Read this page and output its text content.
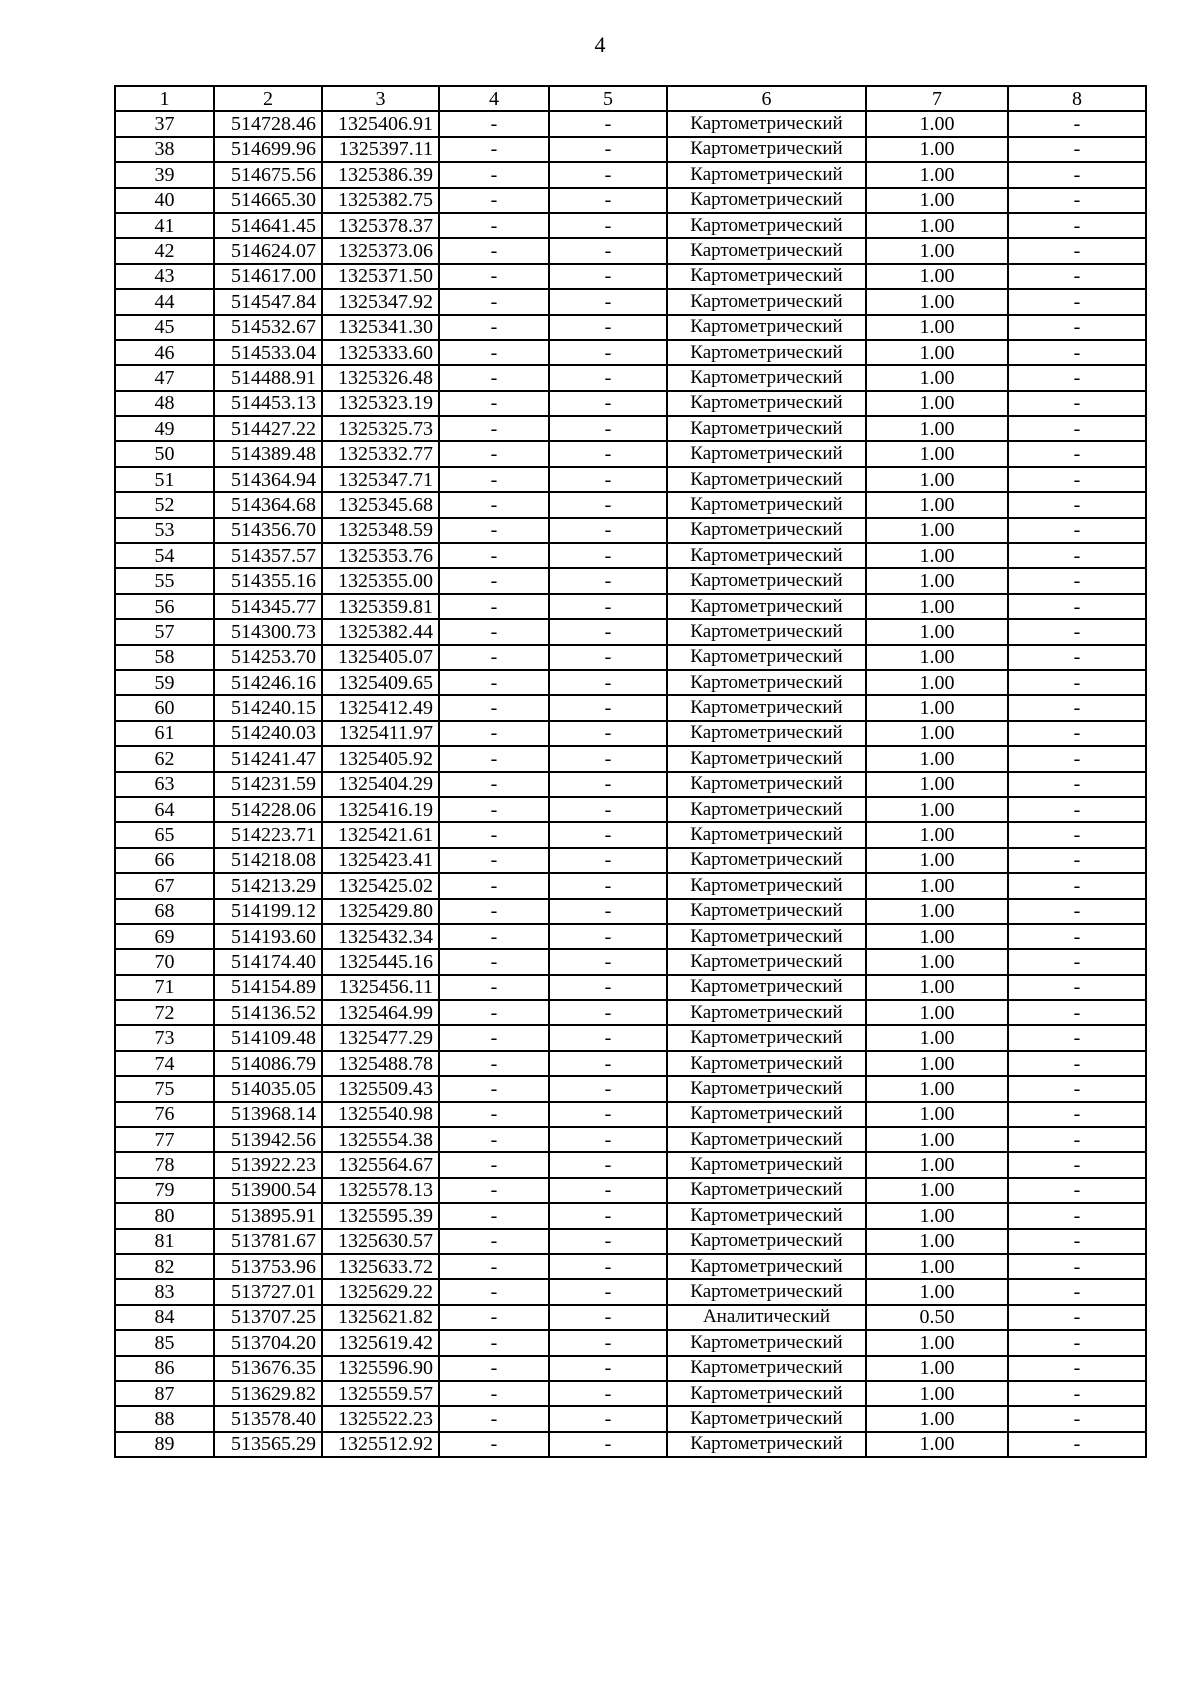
4
1	2	3	4	5	6	7	8
37	514728.46	1325406.91	-	-	Картометрический	1.00	-
38	514699.96	1325397.11	-	-	Картометрический	1.00	-
39	514675.56	1325386.39	-	-	Картометрический	1.00	-
40	514665.30	1325382.75	-	-	Картометрический	1.00	-
41	514641.45	1325378.37	-	-	Картометрический	1.00	-
42	514624.07	1325373.06	-	-	Картометрический	1.00	-
43	514617.00	1325371.50	-	-	Картометрический	1.00	-
44	514547.84	1325347.92	-	-	Картометрический	1.00	-
45	514532.67	1325341.30	-	-	Картометрический	1.00	-
46	514533.04	1325333.60	-	-	Картометрический	1.00	-
47	514488.91	1325326.48	-	-	Картометрический	1.00	-
48	514453.13	1325323.19	-	-	Картометрический	1.00	-
49	514427.22	1325325.73	-	-	Картометрический	1.00	-
50	514389.48	1325332.77	-	-	Картометрический	1.00	-
51	514364.94	1325347.71	-	-	Картометрический	1.00	-
52	514364.68	1325345.68	-	-	Картометрический	1.00	-
53	514356.70	1325348.59	-	-	Картометрический	1.00	-
54	514357.57	1325353.76	-	-	Картометрический	1.00	-
55	514355.16	1325355.00	-	-	Картометрический	1.00	-
56	514345.77	1325359.81	-	-	Картометрический	1.00	-
57	514300.73	1325382.44	-	-	Картометрический	1.00	-
58	514253.70	1325405.07	-	-	Картометрический	1.00	-
59	514246.16	1325409.65	-	-	Картометрический	1.00	-
60	514240.15	1325412.49	-	-	Картометрический	1.00	-
61	514240.03	1325411.97	-	-	Картометрический	1.00	-
62	514241.47	1325405.92	-	-	Картометрический	1.00	-
63	514231.59	1325404.29	-	-	Картометрический	1.00	-
64	514228.06	1325416.19	-	-	Картометрический	1.00	-
65	514223.71	1325421.61	-	-	Картометрический	1.00	-
66	514218.08	1325423.41	-	-	Картометрический	1.00	-
67	514213.29	1325425.02	-	-	Картометрический	1.00	-
68	514199.12	1325429.80	-	-	Картометрический	1.00	-
69	514193.60	1325432.34	-	-	Картометрический	1.00	-
70	514174.40	1325445.16	-	-	Картометрический	1.00	-
71	514154.89	1325456.11	-	-	Картометрический	1.00	-
72	514136.52	1325464.99	-	-	Картометрический	1.00	-
73	514109.48	1325477.29	-	-	Картометрический	1.00	-
74	514086.79	1325488.78	-	-	Картометрический	1.00	-
75	514035.05	1325509.43	-	-	Картометрический	1.00	-
76	513968.14	1325540.98	-	-	Картометрический	1.00	-
77	513942.56	1325554.38	-	-	Картометрический	1.00	-
78	513922.23	1325564.67	-	-	Картометрический	1.00	-
79	513900.54	1325578.13	-	-	Картометрический	1.00	-
80	513895.91	1325595.39	-	-	Картометрический	1.00	-
81	513781.67	1325630.57	-	-	Картометрический	1.00	-
82	513753.96	1325633.72	-	-	Картометрический	1.00	-
83	513727.01	1325629.22	-	-	Картометрический	1.00	-
84	513707.25	1325621.82	-	-	Аналитический	0.50	-
85	513704.20	1325619.42	-	-	Картометрический	1.00	-
86	513676.35	1325596.90	-	-	Картометрический	1.00	-
87	513629.82	1325559.57	-	-	Картометрический	1.00	-
88	513578.40	1325522.23	-	-	Картометрический	1.00	-
89	513565.29	1325512.92	-	-	Картометрический	1.00	-
